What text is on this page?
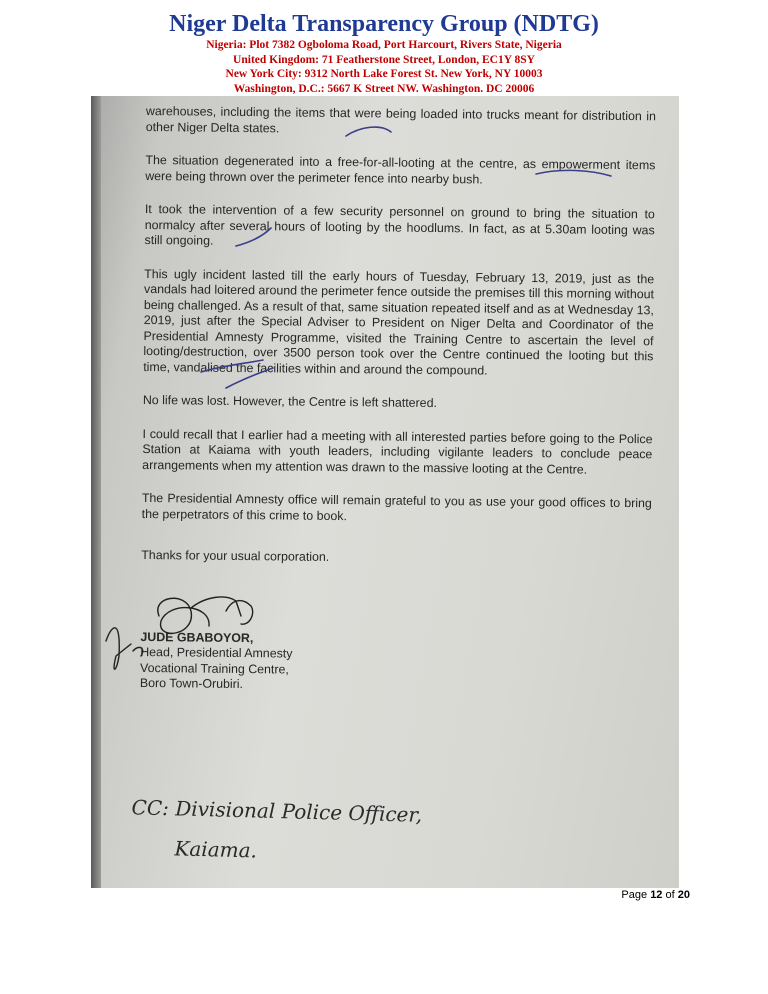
Niger Delta Transparency Group (NDTG)
Nigeria: Plot 7382 Ogboloma Road, Port Harcourt, Rivers State, Nigeria
United Kingdom: 71 Featherstone Street, London, EC1Y 8SY
New York City: 9312 North Lake Forest St. New York, NY 10003
Washington, D.C.: 5667 K Street NW. Washington. DC 20006

warehouses, including the items that were being loaded into trucks meant for distribution in other Niger Delta states.

The situation degenerated into a free-for-all-looting at the centre, as empowerment items were being thrown over the perimeter fence into nearby bush.

It took the intervention of a few security personnel on ground to bring the situation to normalcy after several hours of looting by the hoodlums. In fact, as at 5.30am looting was still ongoing.

This ugly incident lasted till the early hours of Tuesday, February 13, 2019, just as the vandals had loitered around the perimeter fence outside the premises till this morning without being challenged. As a result of that, same situation repeated itself and as at Wednesday 13, 2019, just after the Special Adviser to President on Niger Delta and Coordinator of the Presidential Amnesty Programme, visited the Training Centre to ascertain the level of looting/destruction, over 3500 person took over the Centre continued the looting but this time, vandalised the facilities within and around the compound.

No life was lost. However, the Centre is left shattered.

I could recall that I earlier had a meeting with all interested parties before going to the Police Station at Kaiama with youth leaders, including vigilante leaders to conclude peace arrangements when my attention was drawn to the massive looting at the Centre.

The Presidential Amnesty office will remain grateful to you as use your good offices to bring the perpetrators of this crime to book.

Thanks for your usual corporation.
JUDE GBABOYOR,
Head, Presidential Amnesty
Vocational Training Centre,
Boro Town-Orubiri.
CC: Divisional Police Officer,
Kaiama.
Page 12 of 20
